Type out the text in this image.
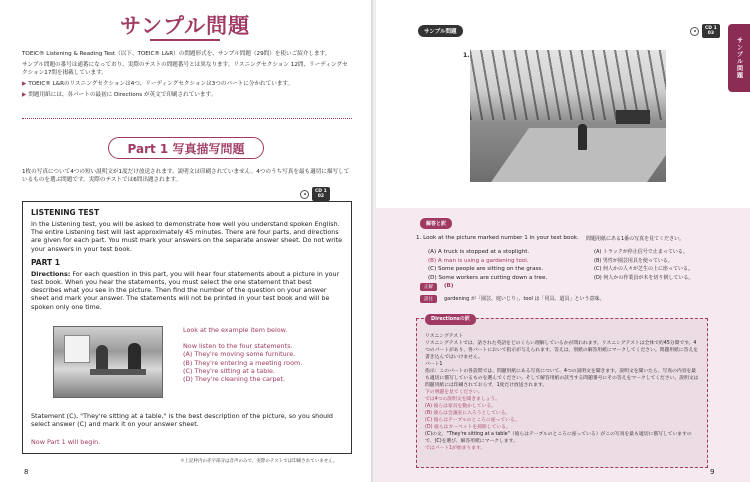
サンプル問題

TOEIC® Listening & Reading Test（以下、TOEIC® L&R）の問題形式を、サンプル問題（29問）を使いご紹介します。

サンプル問題の番号は通番になっており、実際のテストの問題番号とは異なります。リスニングセクション 12問、リーディングセクション17問を掲載しています。

▶ TOEIC® L&Rのリスニングセクションは4つ、リーディングセクションは3つのパートに分かれています。

▶ 問題用紙には、各パートの最初に Directions が英文で印刷されています。

Part 1 写真描写問題
1枚の写真について4つの短い説明文が1度だけ放送されます。説明文は印刷されていません。4つのうち写真を最も適切に描写しているものを選ぶ問題です。実際のテストでは6問出題されます。
CD 1
02
LISTENING TEST
In the Listening test, you will be asked to demonstrate how well you understand spoken English. The entire Listening test will last approximately 45 minutes. There are four parts, and directions are given for each part. You must mark your answers on the separate answer sheet. Do not write your answers in your test book.
PART 1
Directions: For each question in this part, you will hear four statements about a picture in your test book. When you hear the statements, you must select the one statement that best describes what you see in the picture. Then find the number of the question on your answer sheet and mark your answer. The statements will not be printed in your test book and will be spoken only one time.
Look at the example item below.
Now listen to the four statements.
(A) They're moving some furniture.
(B) They're entering a meeting room.
(C) They're sitting at a table.
(D) They're cleaning the carpet.
Statement (C), "They're sitting at a table," is the best description of the picture, so you should select answer (C) and mark it on your answer sheet.
Now Part 1 will begin.
＊上記枠内の赤字部分は音声のみで、実際のテストでは印刷されていません。
8
サンプル問題
CD 1
03
サンプル問題
1.
解答と訳
1. Look at the picture marked number 1 in your test book. 問題用紙にある1番の写真を見てください。
(A) A truck is stopped at a stoplight.
(B) A man is using a gardening tool.
(C) Some people are sitting on the grass.
(D) Some workers are cutting down a tree.
(A) トラックが停止信号で止まっている。
(B) 男性が園芸用具を使っている。
(C) 何人かの人々が芝生の上に座っている。
(D) 何人かの作業員が木を切り倒している。
正解	(B)
語注	gardening が「園芸、庭いじり」、tool は「用具、道具」という意味。
Directionsの訳
リスニングテスト
リスニングテストでは、話された英語をどのくらい理解しているかが問われます。リスニングテストは全体で約45分間です。4つのパートがあり、各パートにおいて指示が与えられます。答えは、別紙の解答用紙にマークしてください。問題用紙に答えを書き込んではいけません。
パート1
指示：このパートの各設問では、問題用紙にある写真について、4つの説明文を聞きます。説明文を聞いたら、写真の内容を最も適切に描写しているものを選んでください。そして解答用紙の該当する問題番号にその答えをマークしてください。説明文は問題用紙には印刷されておらず、1度だけ放送されます。
下の例題を見てください。
では4つの説明文を聞きましょう。
(A) 彼らは家具を動かしている。
(B) 彼らは会議室に入ろうとしている。
(C) 彼らはテーブルのところに座っている。
(D) 彼らはカーペットを掃除している。
(C)の文、"They're sitting at a table"（彼らはテーブルのところに座っている）がこの写真を最も適切に描写していますので、(C)を選び、解答用紙にマークします。
ではパート1が始まります。
9
